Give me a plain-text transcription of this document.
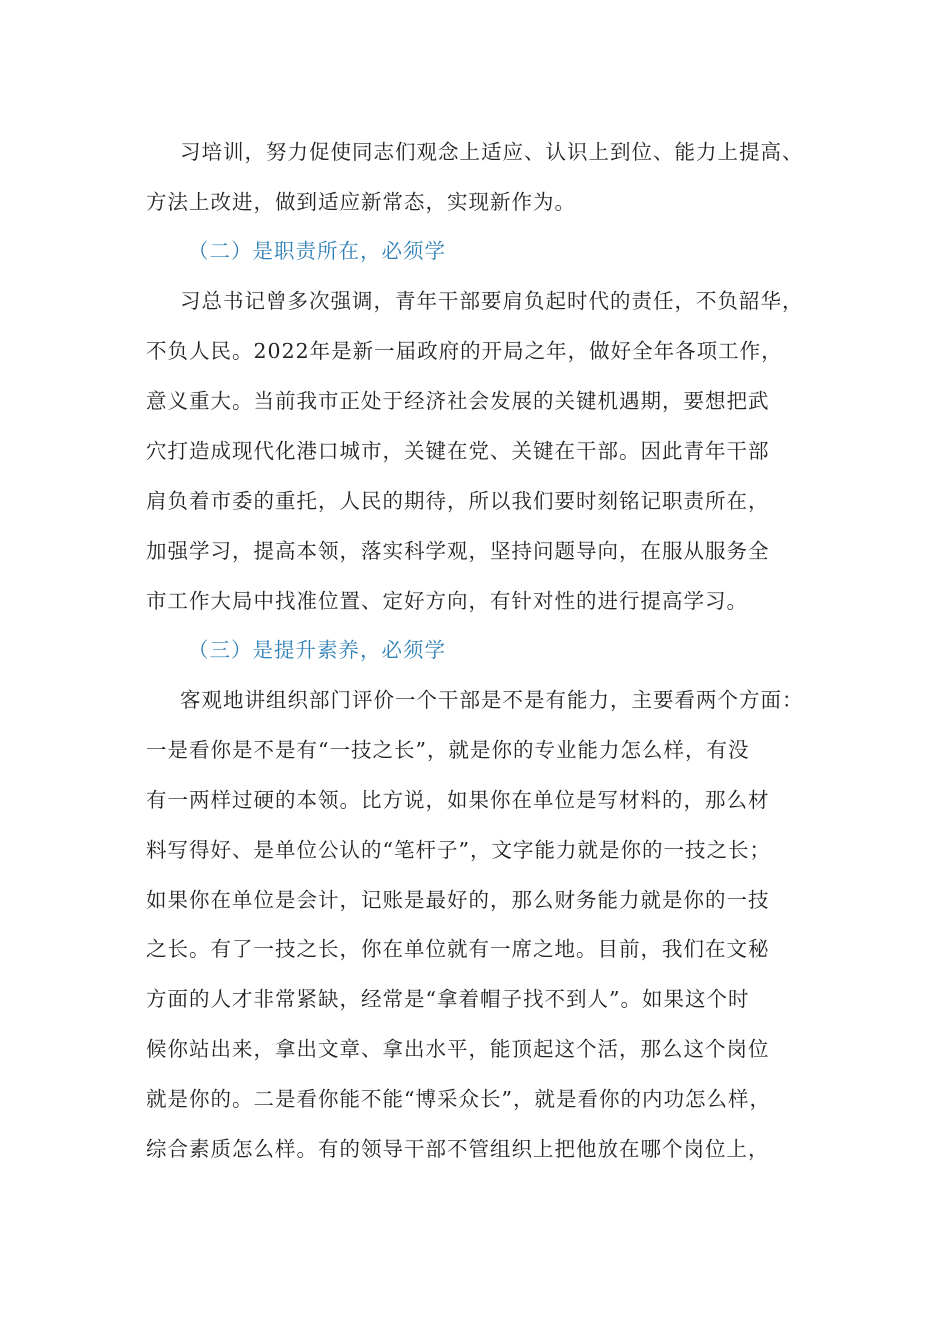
习培训，努力促使同志们观念上适应、认识上到位、能力上提高、
方法上改进，做到适应新常态，实现新作为。
（二）是职责所在，必须学
习总书记曾多次强调，青年干部要肩负起时代的责任，不负韶华，
不负人民。2022年是新一届政府的开局之年，做好全年各项工作，
意义重大。当前我市正处于经济社会发展的关键机遇期，要想把武
穴打造成现代化港口城市，关键在党、关键在干部。因此青年干部
肩负着市委的重托，人民的期待，所以我们要时刻铭记职责所在，
加强学习，提高本领，落实科学观，坚持问题导向，在服从服务全
市工作大局中找准位置、定好方向，有针对性的进行提高学习。
（三）是提升素养，必须学
客观地讲组织部门评价一个干部是不是有能力，主要看两个方面：
一是看你是不是有“一技之长”，就是你的专业能力怎么样，有没
有一两样过硬的本领。比方说，如果你在单位是写材料的，那么材
料写得好、是单位公认的“笔杆子”，文字能力就是你的一技之长；
如果你在单位是会计，记账是最好的，那么财务能力就是你的一技
之长。有了一技之长，你在单位就有一席之地。目前，我们在文秘
方面的人才非常紧缺，经常是“拿着帽子找不到人”。如果这个时
候你站出来，拿出文章、拿出水平，能顶起这个活，那么这个岗位
就是你的。二是看你能不能“博采众长”，就是看你的内功怎么样，
综合素质怎么样。有的领导干部不管组织上把他放在哪个岗位上，
